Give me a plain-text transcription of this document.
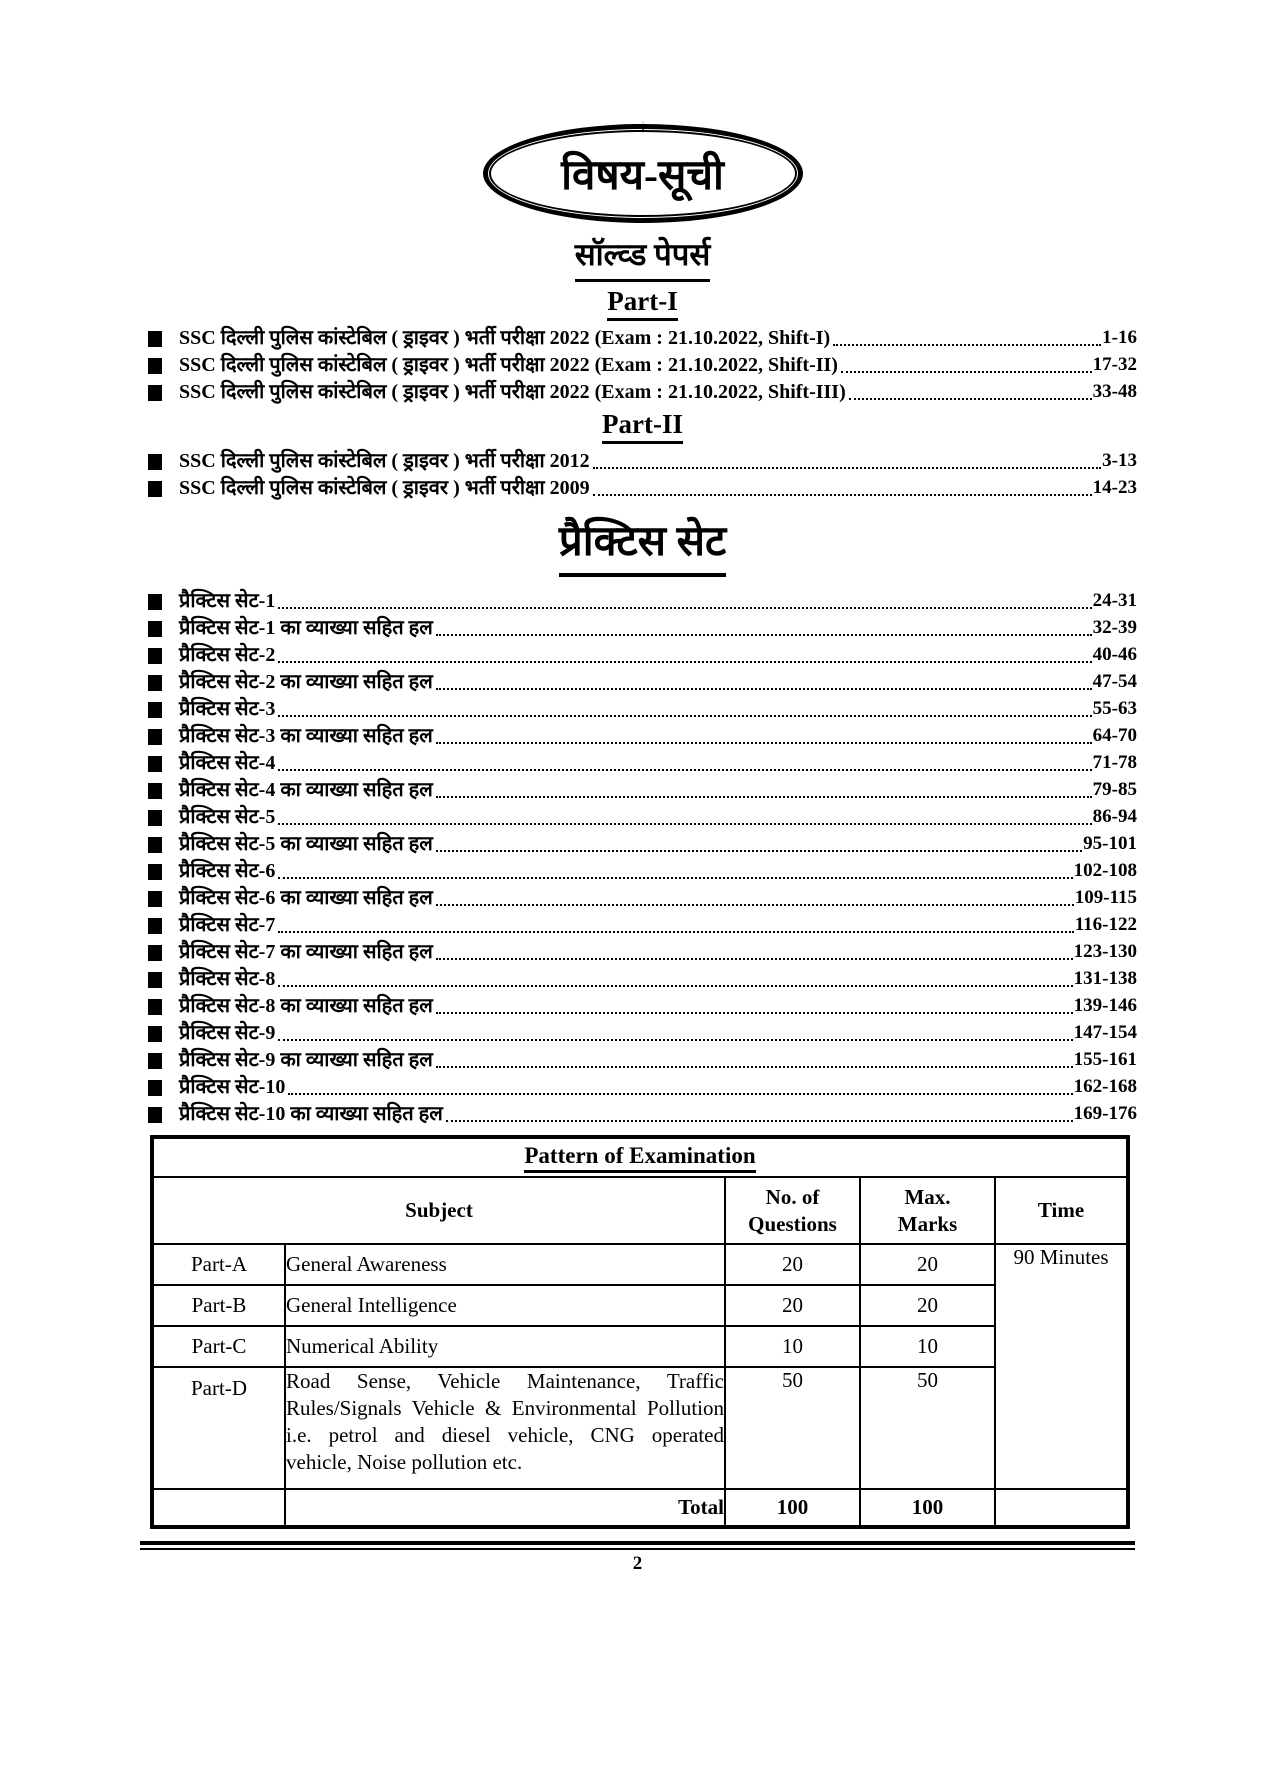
विषय-सूची
सॉल्व्ड पेपर्स
Part-I
SSC दिल्ली पुलिस कांस्टेबिल ( ड्राइवर ) भर्ती परीक्षा 2022 (Exam : 21.10.2022, Shift-I)	1-16
SSC दिल्ली पुलिस कांस्टेबिल ( ड्राइवर ) भर्ती परीक्षा 2022 (Exam : 21.10.2022, Shift-II)	17-32
SSC दिल्ली पुलिस कांस्टेबिल ( ड्राइवर ) भर्ती परीक्षा 2022 (Exam : 21.10.2022, Shift-III)	33-48
Part-II
SSC दिल्ली पुलिस कांस्टेबिल ( ड्राइवर ) भर्ती परीक्षा 2012	3-13
SSC दिल्ली पुलिस कांस्टेबिल ( ड्राइवर ) भर्ती परीक्षा 2009	14-23
प्रैक्टिस सेट
प्रैक्टिस सेट-1	24-31
प्रैक्टिस सेट-1 का व्याख्या सहित हल	32-39
प्रैक्टिस सेट-2	40-46
प्रैक्टिस सेट-2 का व्याख्या सहित हल	47-54
प्रैक्टिस सेट-3	55-63
प्रैक्टिस सेट-3 का व्याख्या सहित हल	64-70
प्रैक्टिस सेट-4	71-78
प्रैक्टिस सेट-4 का व्याख्या सहित हल	79-85
प्रैक्टिस सेट-5	86-94
प्रैक्टिस सेट-5 का व्याख्या सहित हल	95-101
प्रैक्टिस सेट-6	102-108
प्रैक्टिस सेट-6 का व्याख्या सहित हल	109-115
प्रैक्टिस सेट-7	116-122
प्रैक्टिस सेट-7 का व्याख्या सहित हल	123-130
प्रैक्टिस सेट-8	131-138
प्रैक्टिस सेट-8 का व्याख्या सहित हल	139-146
प्रैक्टिस सेट-9	147-154
प्रैक्टिस सेट-9 का व्याख्या सहित हल	155-161
प्रैक्टिस सेट-10	162-168
प्रैक्टिस सेट-10 का व्याख्या सहित हल	169-176
Pattern of Examination				
Subject		No. of Questions	Max. Marks	Time
Part-A	General Awareness	20	20	90 Minutes
Part-B	General Intelligence	20	20	
Part-C	Numerical Ability	10	10	
Part-D	Road Sense, Vehicle Maintenance, Traffic Rules/Signals Vehicle & Environmental Pollution i.e. petrol and diesel vehicle, CNG operated vehicle, Noise pollution etc.	50	50	
	Total	100	100	
2
